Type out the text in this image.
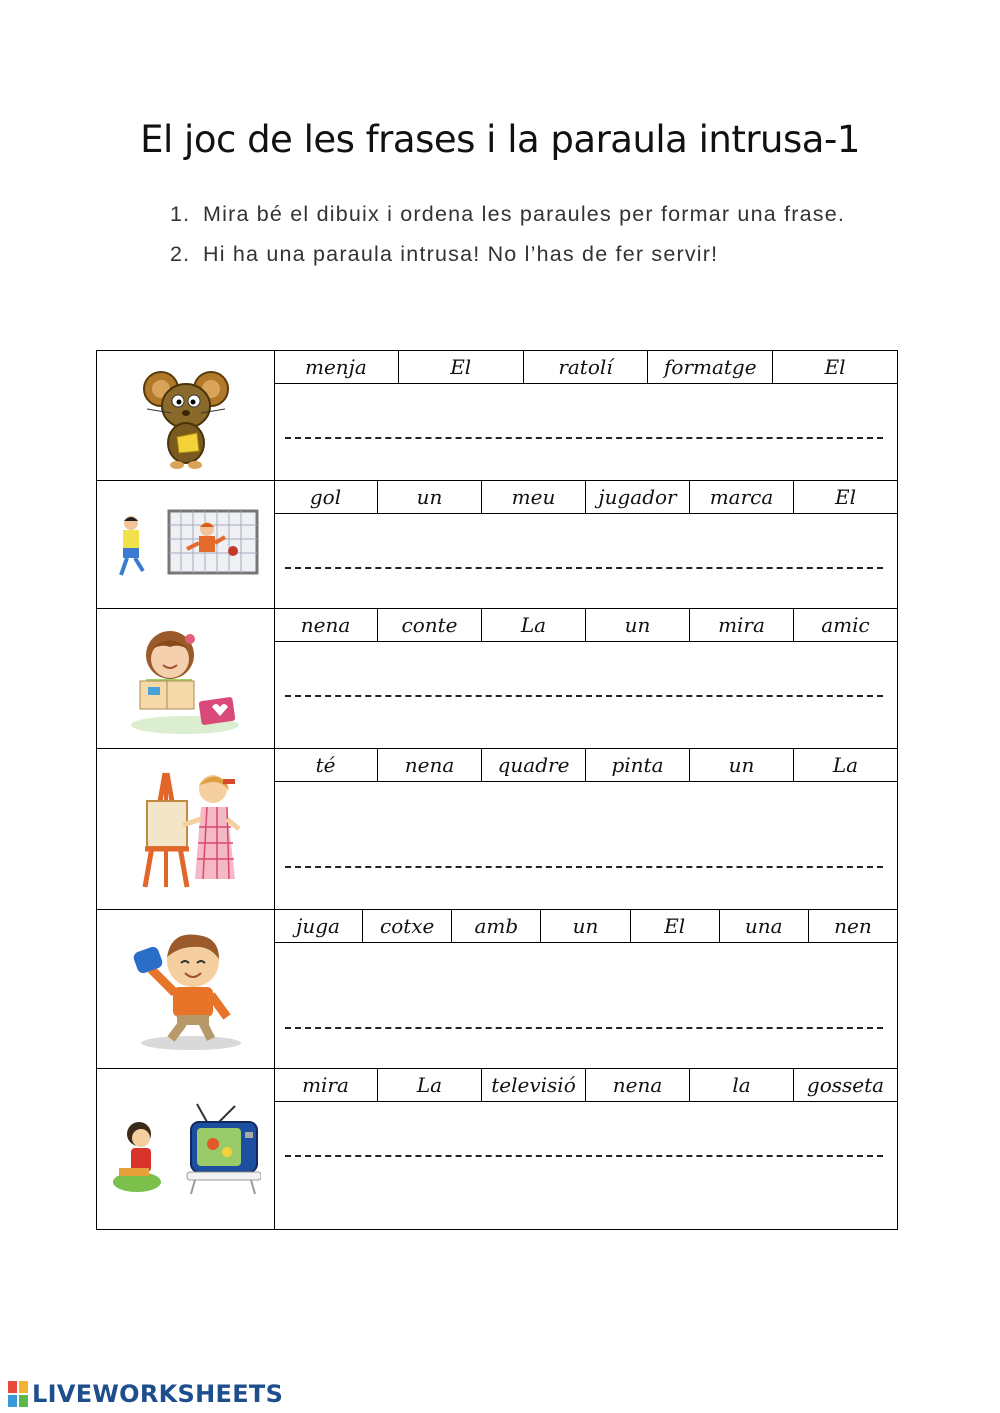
El joc de les frases i la paraula intrusa-1
1. Mira bé el dibuix i ordena les paraules per formar una frase.
2. Hi ha una paraula intrusa! No l’has de fer servir!
menja	El	ratolí	formatge	El
gol	un	meu	jugador	marca	El
nena	conte	La	un	mira	amic
té	nena	quadre	pinta	un	La
juga	cotxe	amb	un	El	una	nen
mira	La	televisió	nena	la	gosseta
LIVEWORKSHEETS
